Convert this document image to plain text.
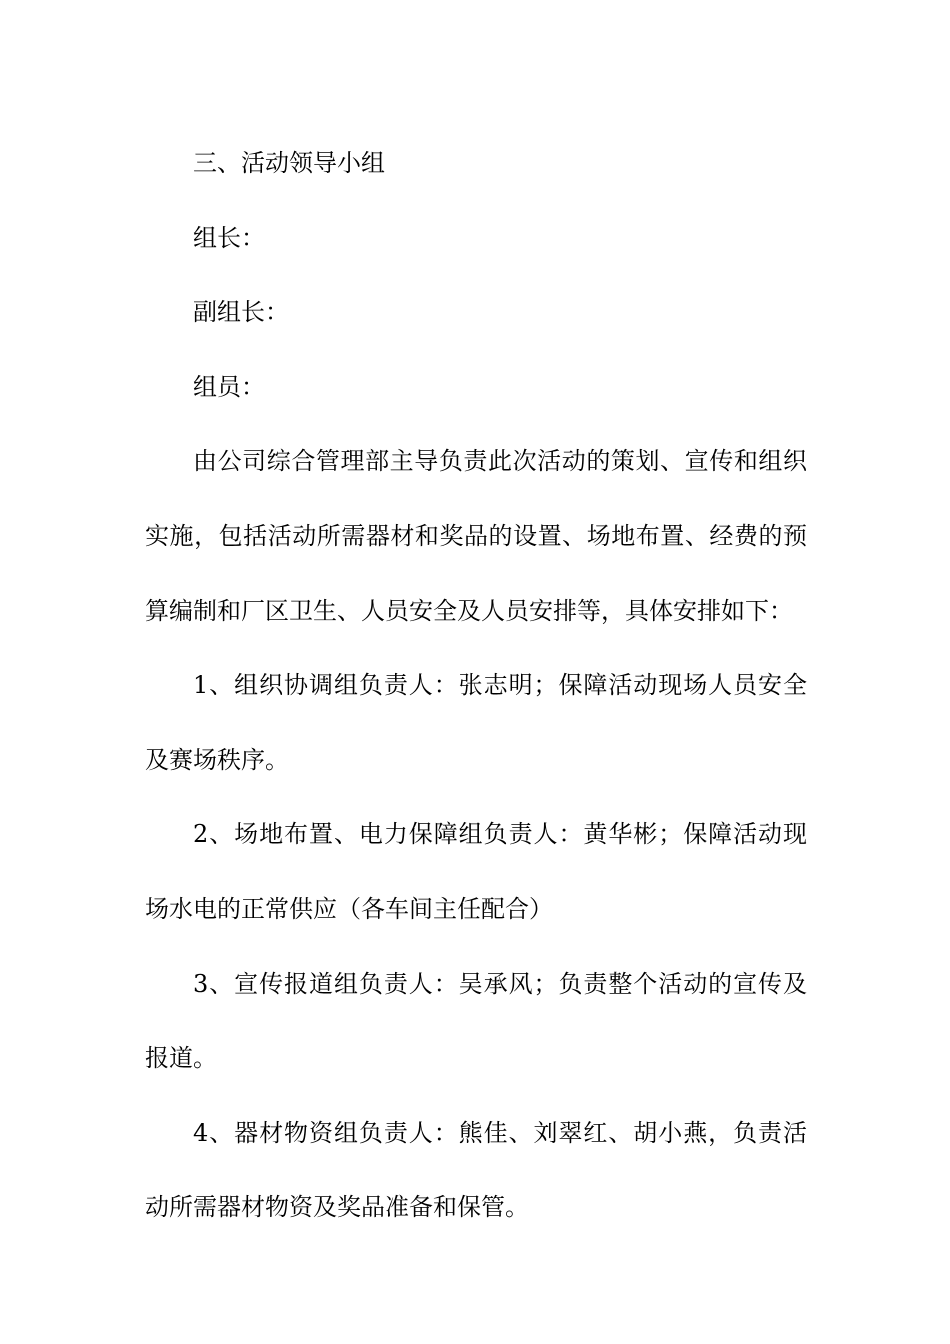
三、活动领导小组

组长：

副组长：

组员：

由公司综合管理部主导负责此次活动的策划、宣传和组织实施，包括活动所需器材和奖品的设置、场地布置、经费的预算编制和厂区卫生、人员安全及人员安排等，具体安排如下：

1、组织协调组负责人：张志明；保障活动现场人员安全及赛场秩序。

2、场地布置、电力保障组负责人：黄华彬；保障活动现场水电的正常供应（各车间主任配合）

3、宣传报道组负责人：吴承风；负责整个活动的宣传及报道。

4、器材物资组负责人：熊佳、刘翠红、胡小燕，负责活动所需器材物资及奖品准备和保管。
